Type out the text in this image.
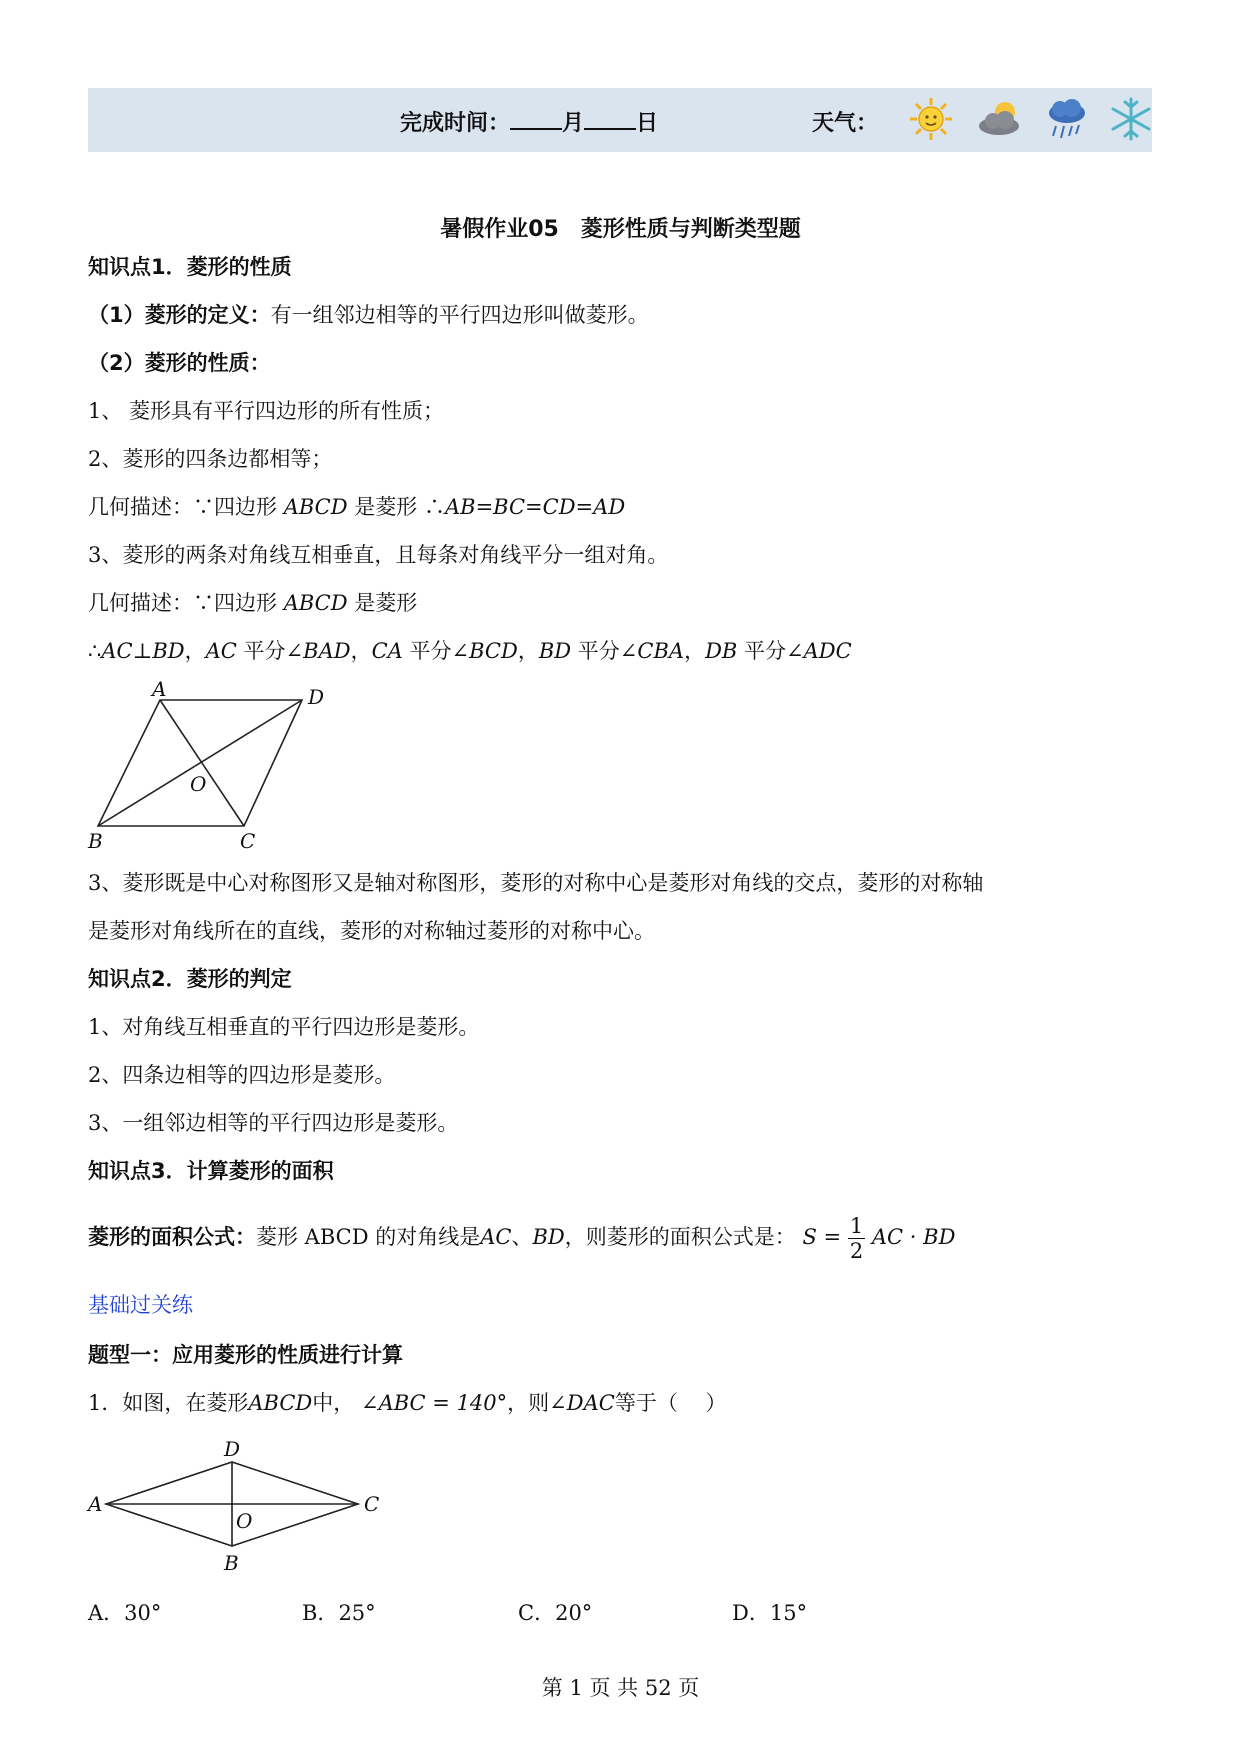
完成时间： 月 日	天气：
暑假作业05　菱形性质与判断类型题
知识点1．菱形的性质
（1）菱形的定义：有一组邻边相等的平行四边形叫做菱形。
（2）菱形的性质：
1、 菱形具有平行四边形的所有性质；
2、菱形的四条边都相等；
几何描述：∵四边形 ABCD 是菱形 ∴AB=BC=CD=AD
3、菱形的两条对角线互相垂直，且每条对角线平分一组对角。
几何描述：∵四边形 ABCD 是菱形
∴AC⊥BD，AC 平分∠BAD，CA 平分∠BCD，BD 平分∠CBA，DB 平分∠ADC
A	D
B	C
O
3、菱形既是中心对称图形又是轴对称图形，菱形的对称中心是菱形对角线的交点，菱形的对称轴
是菱形对角线所在的直线，菱形的对称轴过菱形的对称中心。
知识点2．菱形的判定
1、对角线互相垂直的平行四边形是菱形。
2、四条边相等的四边形是菱形。
3、一组邻边相等的平行四边形是菱形。
知识点3．计算菱形的面积
菱形的面积公式：菱形 ABCD 的对角线是AC、BD，则菱形的面积公式是： $S = \frac{1}{2}$ AC · BD
基础过关练
题型一：应用菱形的性质进行计算
1．如图，在菱形ABCD中， ∠ABC = 140°，则∠DAC等于（　 ）
D
A	C
O
B
A．30°	B．25°	C．20°	D．15°
第 1 页 共 52 页
